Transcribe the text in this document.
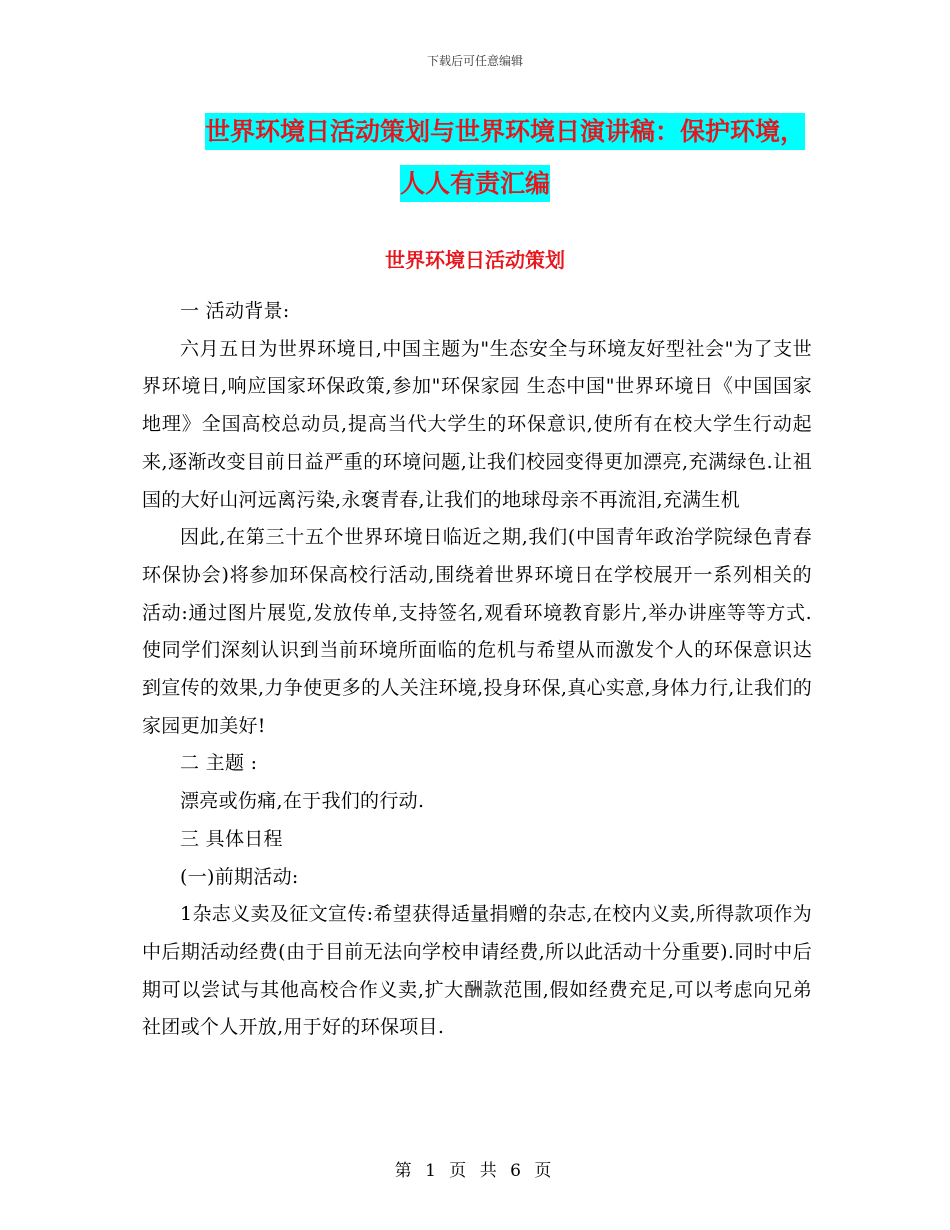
下载后可任意编辑
世界环境日活动策划与世界环境日演讲稿：保护环境，
人人有责汇编
世界环境日活动策划

一 活动背景:

六月五日为世界环境日,中国主题为"生态安全与环境友好型社会"为了支世界环境日,响应国家环保政策,参加"环保家园 生态中国"世界环境日《中国国家地理》全国高校总动员,提高当代大学生的环保意识,使所有在校大学生行动起来,逐渐改变目前日益严重的环境问题,让我们校园变得更加漂亮,充满绿色.让祖国的大好山河远离污染,永褒青春,让我们的地球母亲不再流泪,充满生机

因此,在第三十五个世界环境日临近之期,我们(中国青年政治学院绿色青春环保协会)将参加环保高校行活动,围绕着世界环境日在学校展开一系列相关的活动:通过图片展览,发放传单,支持签名,观看环境教育影片,举办讲座等等方式.使同学们深刻认识到当前环境所面临的危机与希望从而激发个人的环保意识达到宣传的效果,力争使更多的人关注环境,投身环保,真心实意,身体力行,让我们的家园更加美好!

二 主题 :

漂亮或伤痛,在于我们的行动.

三 具体日程

(一)前期活动:

1杂志义卖及征文宣传:希望获得适量捐赠的杂志,在校内义卖,所得款项作为中后期活动经费(由于目前无法向学校申请经费,所以此活动十分重要).同时中后期可以尝试与其他高校合作义卖,扩大酬款范围,假如经费充足,可以考虑向兄弟社团或个人开放,用于好的环保项目.

第 1 页 共 6 页
